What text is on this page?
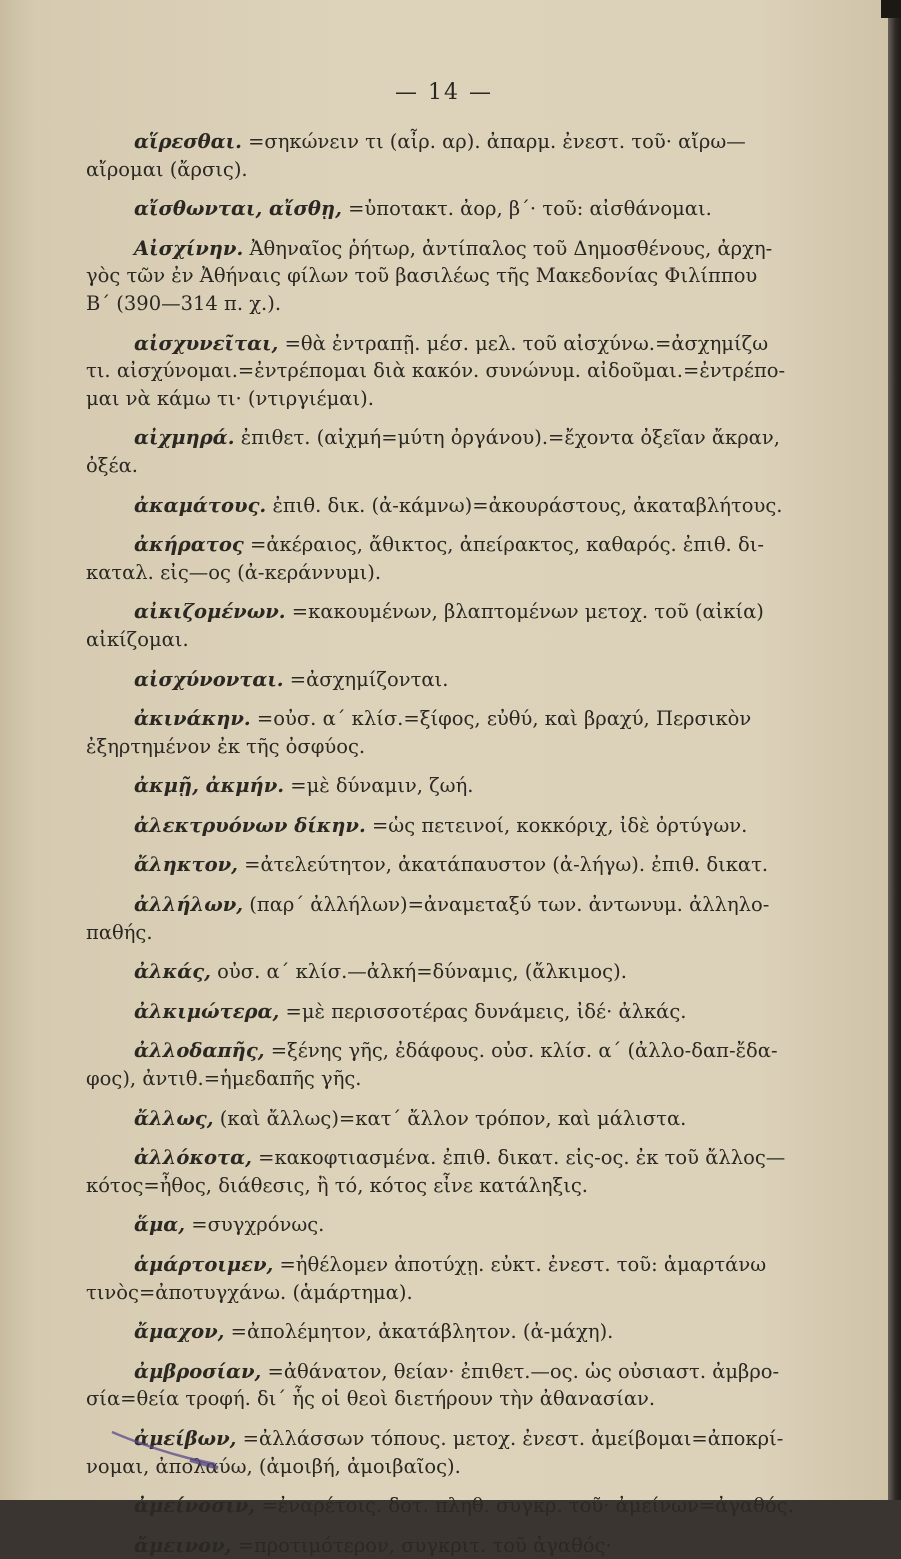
— 14 —
αἵρεσθαι. =σηκώνειν τι (αἶρ. αρ). ἀπαρμ. ἐνεστ. τοῦ· αἴρω—
αἴρομαι (ἄρσις).
αἴσθωνται, αἴσθῃ, =ὑποτακτ. ἀορ, β΄· τοῦ: αἰσθάνομαι.
Αἰσχίνην. Ἀθηναῖος ῥήτωρ, ἀντίπαλος τοῦ Δημοσθένους, ἀρχη-
γὸς τῶν ἐν Ἀθήναις φίλων τοῦ βασιλέως τῆς Μακεδονίας Φιλίππου
Β΄ (390—314 π. χ.).
αἰσχυνεῖται, =θὰ ἐντραπῇ. μέσ. μελ. τοῦ αἰσχύνω.=ἀσχημίζω
τι. αἰσχύνομαι.=ἐντρέπομαι διὰ κακόν. συνώνυμ. αἰδοῦμαι.=ἐντρέπο-
μαι νὰ κάμω τι· (ντιργιέμαι).
αἰχμηρά. ἐπιθετ. (αἰχμή=μύτη ὀργάνου).=ἔχοντα ὀξεῖαν ἄκραν,
ὀξέα.
ἀκαμάτους. ἐπιθ. δικ. (ἀ-κάμνω)=ἀκουράστους, ἀκαταβλήτους.
ἀκήρατος =ἀκέραιος, ἄθικτος, ἀπείρακτος, καθαρός. ἐπιθ. δι-
καταλ. εἰς—ος (ἀ-κεράννυμι).
αἰκιζομένων. =κακουμένων, βλαπτομένων μετοχ. τοῦ (αἰκία)
αἰκίζομαι.
αἰσχύνονται. =ἀσχημίζονται.
ἀκινάκην. =οὐσ. α΄ κλίσ.=ξίφος, εὐθύ, καὶ βραχύ, Περσικὸν
ἐξηρτημένον ἐκ τῆς ὀσφύος.
ἀκμῇ, ἀκμήν. =μὲ δύναμιν, ζωή.
ἀλεκτρυόνων δίκην. =ὡς πετεινοί, κοκκόριχ, ἰδὲ ὀρτύγων.
ἄληκτον, =ἀτελεύτητον, ἀκατάπαυστον (ἀ-λήγω). ἐπιθ. δικατ.
ἀλλήλων, (παρ΄ ἀλλήλων)=ἀναμεταξύ των. ἀντωνυμ. ἀλληλο-
παθής.
ἀλκάς, οὐσ. α΄ κλίσ.—ἀλκή=δύναμις, (ἄλκιμος).
ἀλκιμώτερα, =μὲ περισσοτέρας δυνάμεις, ἰδέ· ἀλκάς.
ἀλλοδαπῆς, =ξένης γῆς, ἐδάφους. οὐσ. κλίσ. α΄ (ἀλλο-δαπ-ἔδα-
φος), ἀντιθ.=ἡμεδαπῆς γῆς.
ἄλλως, (καὶ ἄλλως)=κατ΄ ἄλλον τρόπον, καὶ μάλιστα.
ἀλλόκοτα, =κακοφτιασμένα. ἐπιθ. δικατ. εἰς-ος. ἐκ τοῦ ἄλλος—
κότος=ἦθος, διάθεσις, ἢ τό, κότος εἶνε κατάληξις.
ἅμα, =συγχρόνως.
ἁμάρτοιμεν, =ἠθέλομεν ἀποτύχῃ. εὐκτ. ἐνεστ. τοῦ: ἁμαρτάνω
τινὸς=ἀποτυγχάνω. (ἁμάρτημα).
ἄμαχον, =ἀπολέμητον, ἀκατάβλητον. (ἀ-μάχη).
ἀμβροσίαν, =ἀθάνατον, θείαν· ἐπιθετ.—ος. ὡς οὐσιαστ. ἀμβρο-
σία=θεία τροφή. δι΄ ἧς οἱ θεοὶ διετήρουν τὴν ἀθανασίαν.
ἀμείβων, =ἀλλάσσων τόπους. μετοχ. ἐνεστ. ἀμείβομαι=ἀποκρί-
νομαι, ἀπολαύω, (ἀμοιβή, ἀμοιβαῖος).
ἀμείνοσιν, =ἐναρέτοις. δοτ. πληθ. συγκρ. τοῦ· ἀμείνων=ἀγαθός.
ἄμεινον, =προτιμότερον, συγκριτ. τοῦ ἀγαθός·
